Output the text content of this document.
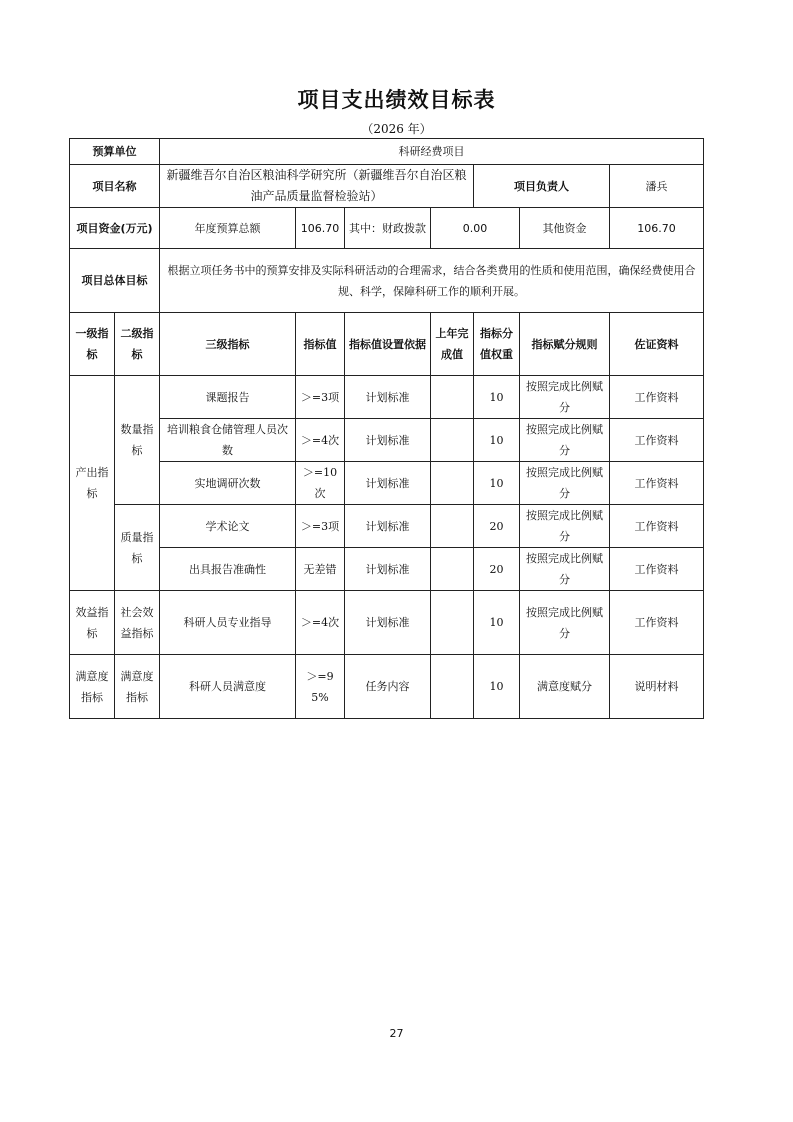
项目支出绩效目标表
（2026 年）
预算单位		科研经费项目						
项目名称		新疆维吾尔自治区粮油科学研究所（新疆维吾尔自治区粮油产品质量监督检验站）				项目负责人		潘兵
项目资金(万元)		年度预算总额	106.70	其中：财政拨款	0.00		其他资金	106.70
项目总体目标		根据立项任务书中的预算安排及实际科研活动的合理需求，结合各类费用的性质和使用范围，确保经费使用合规、科学，保障科研工作的顺利开展。						
一级指标	二级指标	三级指标	指标值	指标值设置依据	上年完成值	指标分值权重	指标赋分规则	佐证资料
产出指标	数量指标	课题报告	＞=3项	计划标准		10	按照完成比例赋分	工作资料
		培训粮食仓储管理人员次数	＞=4次	计划标准		10	按照完成比例赋分	工作资料
		实地调研次数	＞=10次	计划标准		10	按照完成比例赋分	工作资料
	质量指标	学术论文	＞=3项	计划标准		20	按照完成比例赋分	工作资料
		出具报告准确性	无差错	计划标准		20	按照完成比例赋分	工作资料
效益指标	社会效益指标	科研人员专业指导	＞=4次	计划标准		10	按照完成比例赋分	工作资料
满意度指标	满意度指标	科研人员满意度	＞=95%	任务内容		10	满意度赋分	说明材料
27
